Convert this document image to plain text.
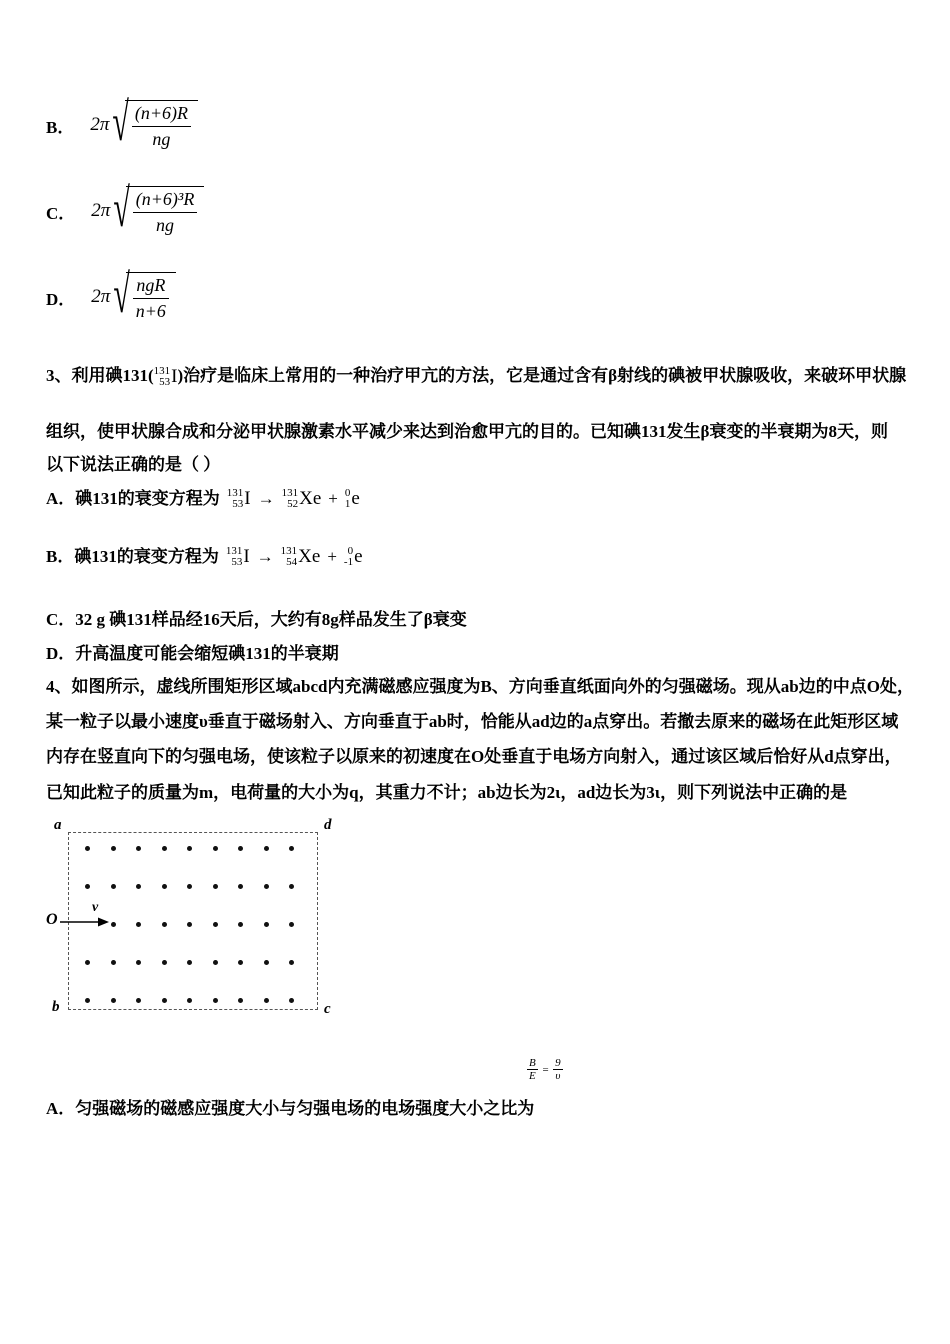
B． 2π √ $\frac{(n+6)R}{ng}$
C． 2π √ $\frac{\text{(n+6)³R}}{ng}$
D． 2π √ $\frac{\text{ngR}}{n+6}$
3、利用碘131( 131
53 I )治疗是临床上常用的一种治疗甲亢的方法，它是通过含有β射线的碘被甲状腺吸收，来破环甲状腺
组织，使甲状腺合成和分泌甲状腺激素水平减少来达到治愈甲亢的目的。已知碘131发生β衰变的半衰期为8天，则
以下说法正确的是（ ）
A．碘131的衰变方程为 131
53 I → 131
52 Xe + 0
1 e
B．碘131的衰变方程为 131
53 I → 131
54 Xe + 0
-1 e
C．32 g 碘131样品经16天后，大约有8g样品发生了β衰变
D．升高温度可能会缩短碘131的半衰期
4、如图所示，虚线所围矩形区域abcd内充满磁感应强度为B、方向垂直纸面向外的匀强磁场。现从ab边的中点O处，
某一粒子以最小速度υ垂直于磁场射入、方向垂直于ab时，恰能从ad边的a点穿出。若撤去原来的磁场在此矩形区域
内存在竖直向下的匀强电场，使该粒子以原来的初速度在O处垂直于电场方向射入，通过该区域后恰好从d点穿出，
已知此粒子的质量为m，电荷量的大小为q，其重力不计；ab边长为2ι，ad边长为3ι，则下列说法中正确的是
a	d
b	c
O
v
$\frac{B}{E} = \frac{9}{\upsilon}$
A．匀强磁场的磁感应强度大小与匀强电场的电场强度大小之比为
